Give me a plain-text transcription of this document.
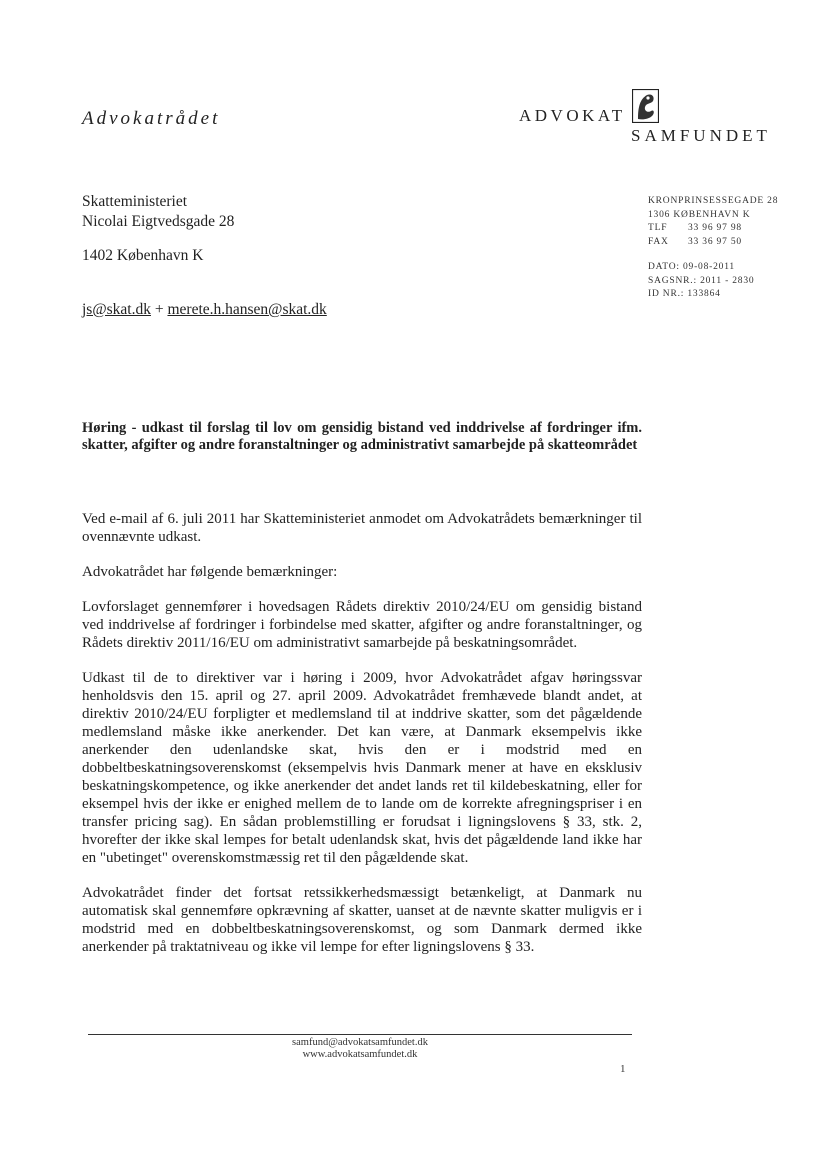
Advokatrådet	ADVOKAT
SAMFUNDET
Skatteministeriet
Nicolai Eigtvedsgade 28
1402 København K
js@skat.dk + merete.h.hansen@skat.dk
KRONPRINSESSEGADE 28
1306 KØBENHAVN K
TLF 33 96 97 98
FAX 33 36 97 50
DATO: 09-08-2011
SAGSNR.: 2011 - 2830
ID NR.: 133864
Høring - udkast til forslag til lov om gensidig bistand ved inddrivelse af fordringer ifm. skatter, afgifter og andre foranstaltninger og administrativt samarbejde på skatteområdet

Ved e-mail af 6. juli 2011 har Skatteministeriet anmodet om Advokatrådets bemærkninger til ovennævnte udkast.

Advokatrådet har følgende bemærkninger:

Lovforslaget gennemfører i hovedsagen Rådets direktiv 2010/24/EU om gensidig bistand ved inddrivelse af fordringer i forbindelse med skatter, afgifter og andre foranstaltninger, og Rådets direktiv 2011/16/EU om administrativt samarbejde på beskatningsområdet.

Udkast til de to direktiver var i høring i 2009, hvor Advokatrådet afgav høringssvar henholdsvis den 15. april og 27. april 2009. Advokatrådet fremhævede blandt andet, at direktiv 2010/24/EU forpligter et medlemsland til at inddrive skatter, som det pågældende medlemsland måske ikke anerkender. Det kan være, at Danmark eksempelvis ikke anerkender den udenlandske skat, hvis den er i modstrid med en dobbeltbeskatningsoverenskomst (eksempelvis hvis Danmark mener at have en eksklusiv beskatningskompetence, og ikke anerkender det andet lands ret til kildebeskatning, eller for eksempel hvis der ikke er enighed mellem de to lande om de korrekte afregningspriser i en transfer pricing sag). En sådan problemstilling er forudsat i ligningslovens § 33, stk. 2, hvorefter der ikke skal lempes for betalt udenlandsk skat, hvis det pågældende land ikke har en "ubetinget" overenskomstmæssig ret til den pågældende skat.

Advokatrådet finder det fortsat retssikkerhedsmæssigt betænkeligt, at Danmark nu automatisk skal gennemføre opkrævning af skatter, uanset at de nævnte skatter muligvis er i modstrid med en dobbeltbeskatningsoverenskomst, og som Danmark dermed ikke anerkender på traktatniveau og ikke vil lempe for efter ligningslovens § 33.

samfund@advokatsamfundet.dk
www.advokatsamfundet.dk
1
